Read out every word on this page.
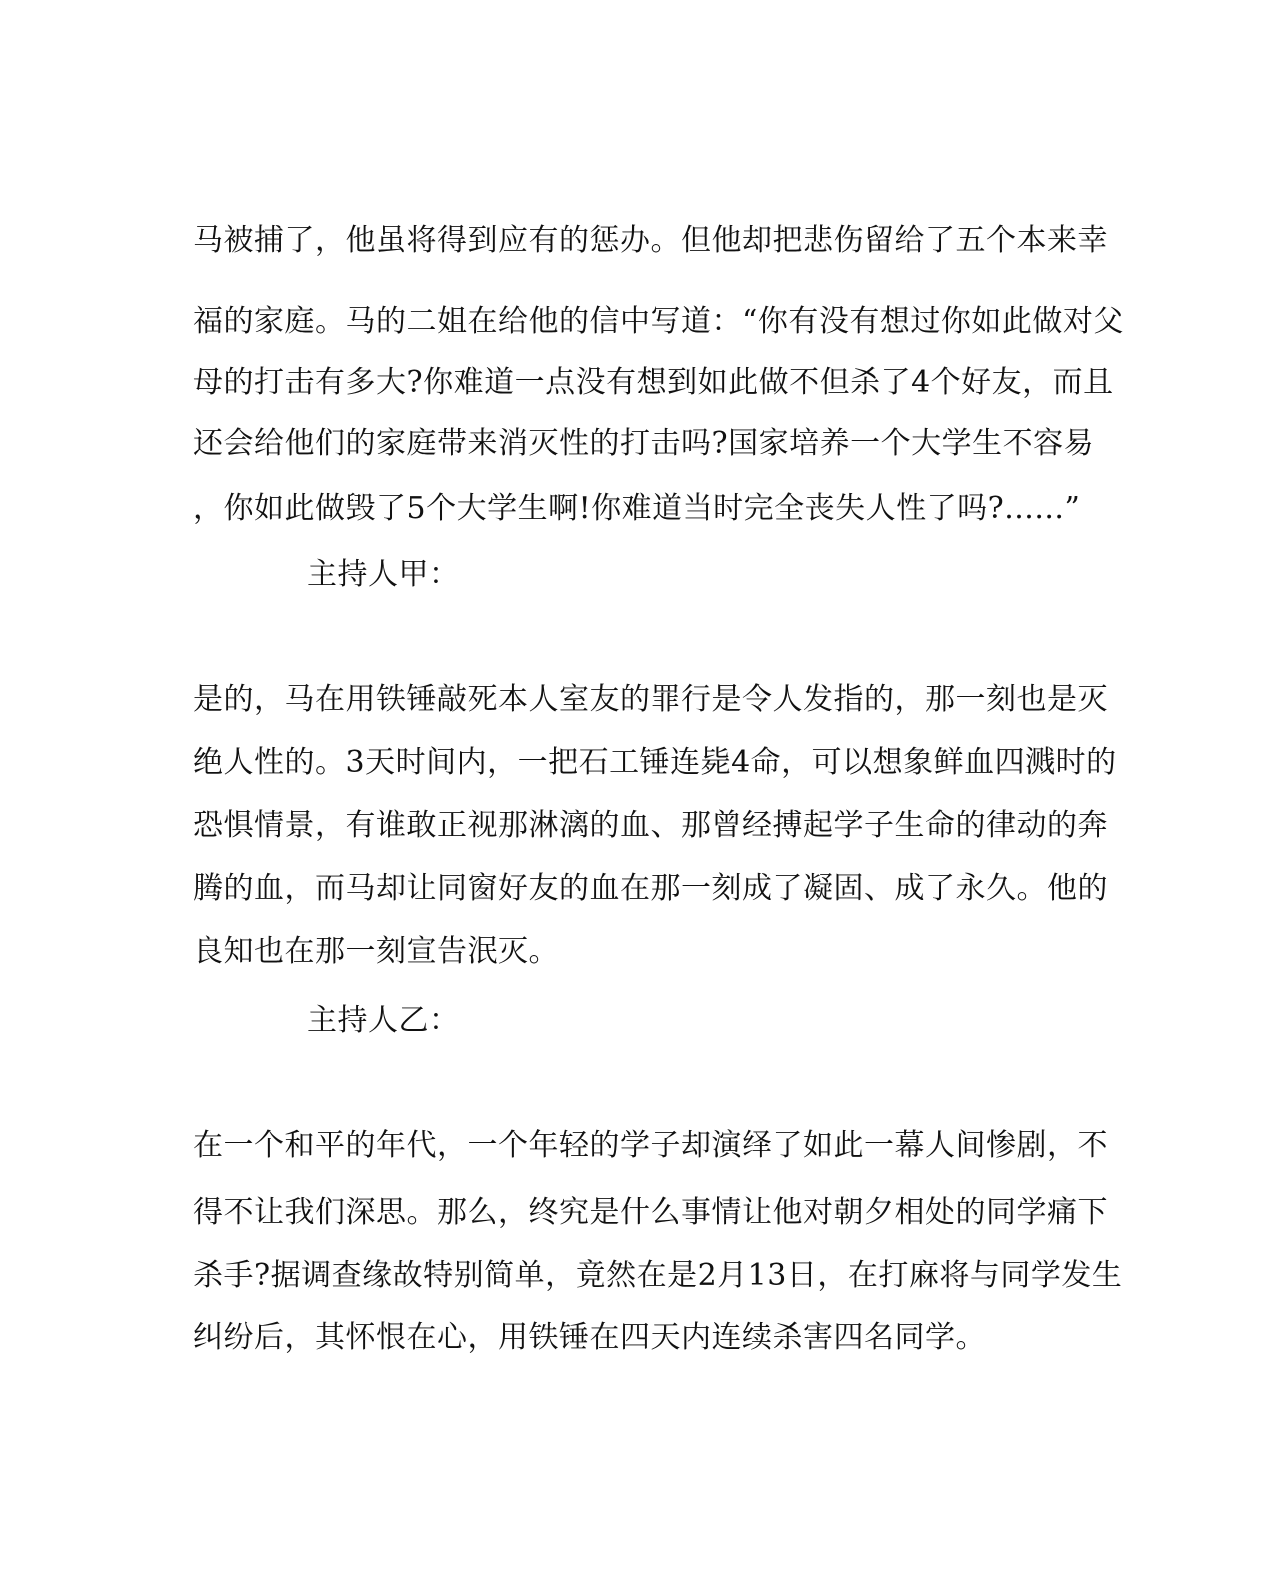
马被捕了，他虽将得到应有的惩办。但他却把悲伤留给了五个本来幸
福的家庭。马的二姐在给他的信中写道：“你有没有想过你如此做对父
母的打击有多大?你难道一点没有想到如此做不但杀了4个好友，而且
还会给他们的家庭带来消灭性的打击吗?国家培养一个大学生不容易
，你如此做毁了5个大学生啊!你难道当时完全丧失人性了吗?......”
主持人甲：
是的，马在用铁锤敲死本人室友的罪行是令人发指的，那一刻也是灭
绝人性的。3天时间内，一把石工锤连毙4命，可以想象鲜血四溅时的
恐惧情景，有谁敢正视那淋漓的血、那曾经搏起学子生命的律动的奔
腾的血，而马却让同窗好友的血在那一刻成了凝固、成了永久。他的
良知也在那一刻宣告泯灭。
主持人乙：
在一个和平的年代，一个年轻的学子却演绎了如此一幕人间惨剧，不
得不让我们深思。那么，终究是什么事情让他对朝夕相处的同学痛下
杀手?据调查缘故特别简单，竟然在是2月13日，在打麻将与同学发生
纠纷后，其怀恨在心，用铁锤在四天内连续杀害四名同学。
